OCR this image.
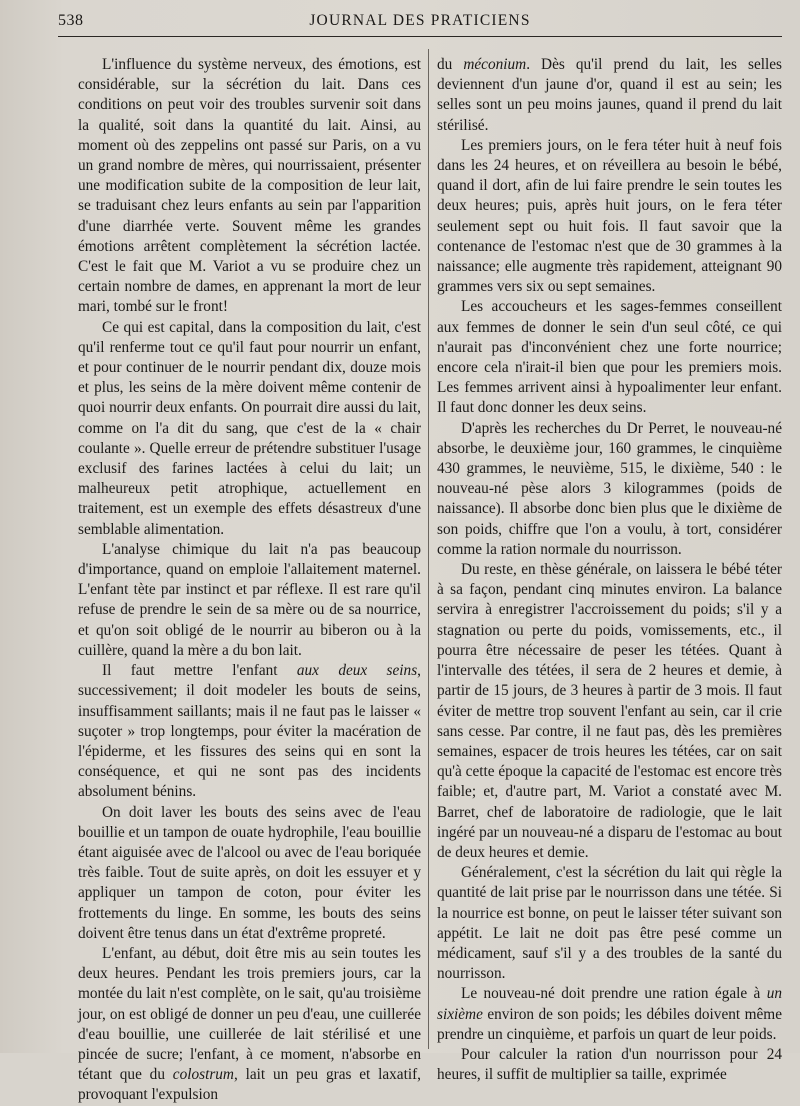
538	JOURNAL DES PRATICIENS

L'influence du système nerveux, des émotions, est considérable, sur la sécrétion du lait. Dans ces conditions on peut voir des troubles survenir soit dans la qualité, soit dans la quantité du lait. Ainsi, au moment où des zeppelins ont passé sur Paris, on a vu un grand nombre de mères, qui nourrissaient, présenter une modification subite de la composition de leur lait, se traduisant chez leurs enfants au sein par l'apparition d'une diarrhée verte. Souvent même les grandes émotions arrêtent complètement la sécrétion lactée. C'est le fait que M. Variot a vu se produire chez un certain nombre de dames, en apprenant la mort de leur mari, tombé sur le front!

Ce qui est capital, dans la composition du lait, c'est qu'il renferme tout ce qu'il faut pour nourrir un enfant, et pour continuer de le nourrir pendant dix, douze mois et plus, les seins de la mère doivent même contenir de quoi nourrir deux enfants. On pourrait dire aussi du lait, comme on l'a dit du sang, que c'est de la « chair coulante ». Quelle erreur de prétendre substituer l'usage exclusif des farines lactées à celui du lait; un malheureux petit atrophique, actuellement en traitement, est un exemple des effets désastreux d'une semblable alimentation.

L'analyse chimique du lait n'a pas beaucoup d'importance, quand on emploie l'allaitement maternel. L'enfant tète par instinct et par réflexe. Il est rare qu'il refuse de prendre le sein de sa mère ou de sa nourrice, et qu'on soit obligé de le nourrir au biberon ou à la cuillère, quand la mère a du bon lait.

Il faut mettre l'enfant aux deux seins, successivement; il doit modeler les bouts de seins, insuffisamment saillants; mais il ne faut pas le laisser « suçoter » trop longtemps, pour éviter la macération de l'épiderme, et les fissures des seins qui en sont la conséquence, et qui ne sont pas des incidents absolument bénins.

On doit laver les bouts des seins avec de l'eau bouillie et un tampon de ouate hydrophile, l'eau bouillie étant aiguisée avec de l'alcool ou avec de l'eau boriquée très faible. Tout de suite après, on doit les essuyer et y appliquer un tampon de coton, pour éviter les frottements du linge. En somme, les bouts des seins doivent être tenus dans un état d'extrême propreté.

L'enfant, au début, doit être mis au sein toutes les deux heures. Pendant les trois premiers jours, car la montée du lait n'est complète, on le sait, qu'au troisième jour, on est obligé de donner un peu d'eau, une cuillerée d'eau bouillie, une cuillerée de lait stérilisé et une pincée de sucre; l'enfant, à ce moment, n'absorbe en tétant que du colostrum, lait un peu gras et laxatif, provoquant l'expulsion

du méconium. Dès qu'il prend du lait, les selles deviennent d'un jaune d'or, quand il est au sein; les selles sont un peu moins jaunes, quand il prend du lait stérilisé.

Les premiers jours, on le fera téter huit à neuf fois dans les 24 heures, et on réveillera au besoin le bébé, quand il dort, afin de lui faire prendre le sein toutes les deux heures; puis, après huit jours, on le fera téter seulement sept ou huit fois. Il faut savoir que la contenance de l'estomac n'est que de 30 grammes à la naissance; elle augmente très rapidement, atteignant 90 grammes vers six ou sept semaines.

Les accoucheurs et les sages-femmes conseillent aux femmes de donner le sein d'un seul côté, ce qui n'aurait pas d'inconvénient chez une forte nourrice; encore cela n'irait-il bien que pour les premiers mois. Les femmes arrivent ainsi à hypoalimenter leur enfant. Il faut donc donner les deux seins.

D'après les recherches du Dr Perret, le nouveau-né absorbe, le deuxième jour, 160 grammes, le cinquième 430 grammes, le neuvième, 515, le dixième, 540 : le nouveau-né pèse alors 3 kilogrammes (poids de naissance). Il absorbe donc bien plus que le dixième de son poids, chiffre que l'on a voulu, à tort, considérer comme la ration normale du nourrisson.

Du reste, en thèse générale, on laissera le bébé téter à sa façon, pendant cinq minutes environ. La balance servira à enregistrer l'accroissement du poids; s'il y a stagnation ou perte du poids, vomissements, etc., il pourra être nécessaire de peser les tétées. Quant à l'intervalle des tétées, il sera de 2 heures et demie, à partir de 15 jours, de 3 heures à partir de 3 mois. Il faut éviter de mettre trop souvent l'enfant au sein, car il crie sans cesse. Par contre, il ne faut pas, dès les premières semaines, espacer de trois heures les tétées, car on sait qu'à cette époque la capacité de l'estomac est encore très faible; et, d'autre part, M. Variot a constaté avec M. Barret, chef de laboratoire de radiologie, que le lait ingéré par un nouveau-né a disparu de l'estomac au bout de deux heures et demie.

Généralement, c'est la sécrétion du lait qui règle la quantité de lait prise par le nourrisson dans une tétée. Si la nourrice est bonne, on peut le laisser téter suivant son appétit. Le lait ne doit pas être pesé comme un médicament, sauf s'il y a des troubles de la santé du nourrisson.

Le nouveau-né doit prendre une ration égale à un sixième environ de son poids; les débiles doivent même prendre un cinquième, et parfois un quart de leur poids.

Pour calculer la ration d'un nourrisson pour 24 heures, il suffit de multiplier sa taille, exprimée
